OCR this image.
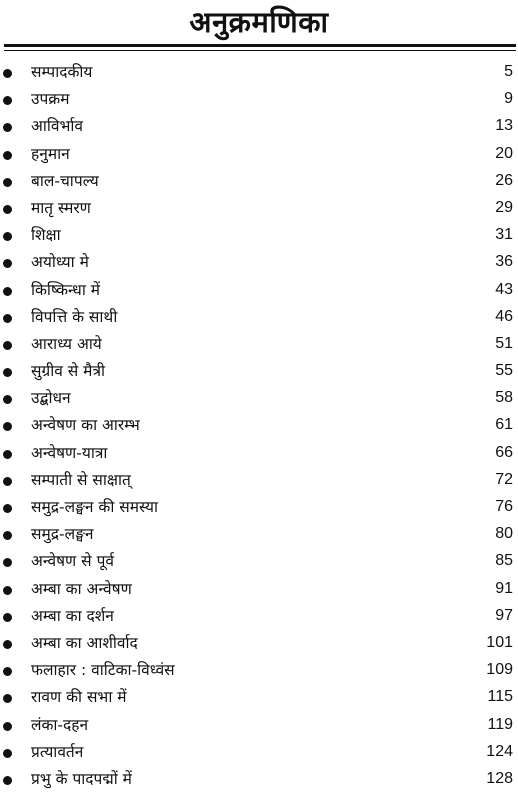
अनुक्रमणिका
सम्पादकीय	5
उपक्रम	9
आविर्भाव	13
हनुमान	20
बाल-चापल्य	26
मातृ स्मरण	29
शिक्षा	31
अयोध्या मे	36
किष्किन्धा में	43
विपत्ति के साथी	46
आराध्य आये	51
सुग्रीव से मैत्री	55
उद्बोधन	58
अन्वेषण का आरम्भ	61
अन्वेषण-यात्रा	66
सम्पाती से साक्षात्	72
समुद्र-लङ्घन की समस्या	76
समुद्र-लङ्घन	80
अन्वेषण से पूर्व	85
अम्बा का अन्वेषण	91
अम्बा का दर्शन	97
अम्बा का आशीर्वाद	101
फलाहार : वाटिका-विध्वंस	109
रावण की सभा में	115
लंका-दहन	119
प्रत्यावर्तन	124
प्रभु के पादपद्मों में	128
